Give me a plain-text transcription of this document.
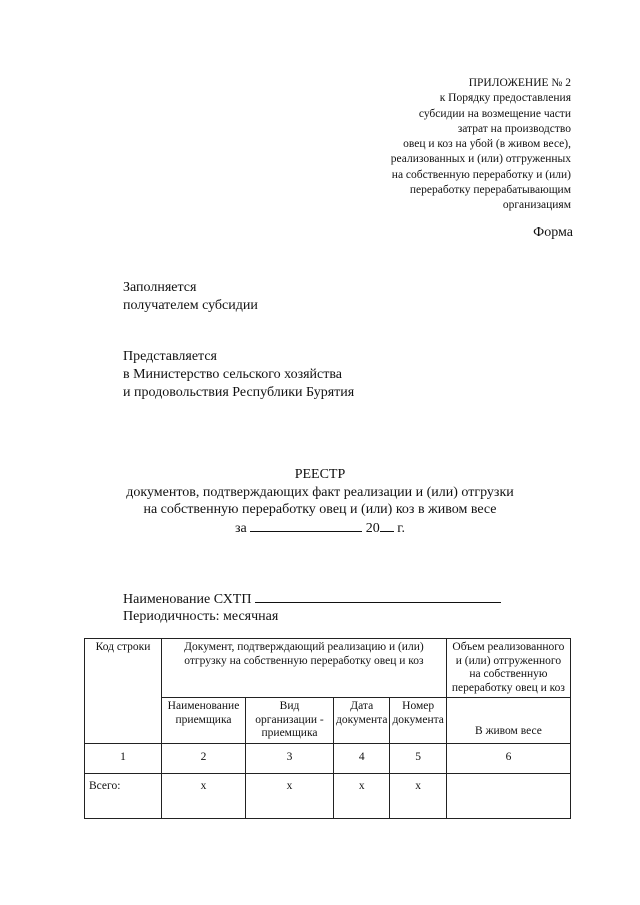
ПРИЛОЖЕНИЕ № 2
к Порядку предоставления
субсидии на возмещение части
затрат на производство
овец и коз на убой (в живом весе),
реализованных и (или) отгруженных
на собственную переработку и (или)
переработку перерабатывающим
организациям
Форма
Заполняется
получателем субсидии
Представляется
в Министерство сельского хозяйства
и продовольствия Республики Бурятия
РЕЕСТР
документов, подтверждающих факт реализации и (или) отгрузки
на собственную переработку овец и (или) коз в живом весе
за	20 г.
Наименование СХТП
Периодичность: месячная
Код строки	Документ, подтверждающий реализацию и (или) отгрузку на собственную переработку овец и коз				Объем реализованного и (или) отгруженного на собственную переработку овец и коз
	Наименование приемщика	Вид организации - приемщика	Дата документа	Номер документа	В живом весе
1	2	3	4	5	6
Всего:	х	х	х	х	
